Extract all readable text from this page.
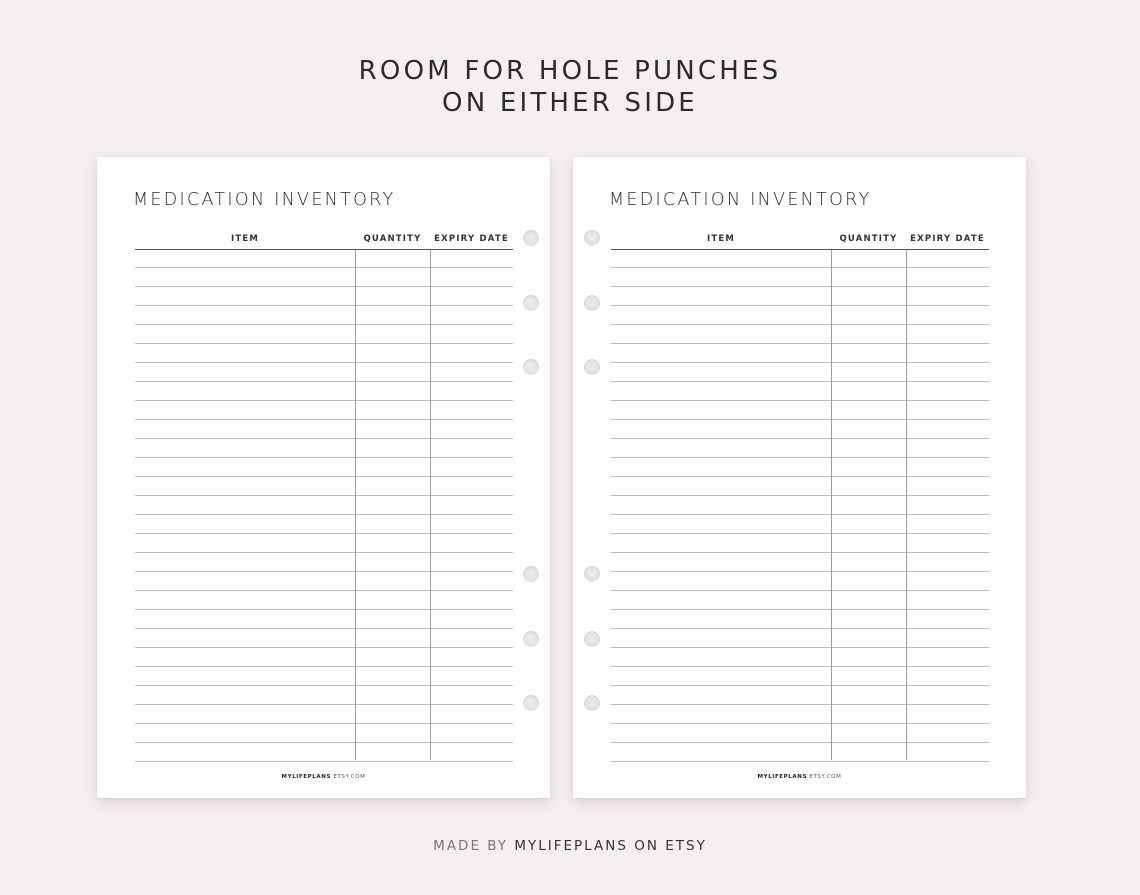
ROOM FOR HOLE PUNCHES
ON EITHER SIDE
MEDICATION INVENTORY
ITEM	QUANTITY	EXPIRY DATE
MYLIFEPLANS ETSY.COM
MEDICATION INVENTORY
ITEM	QUANTITY	EXPIRY DATE
MYLIFEPLANS ETSY.COM
MADE BY MYLIFEPLANS ON ETSY
